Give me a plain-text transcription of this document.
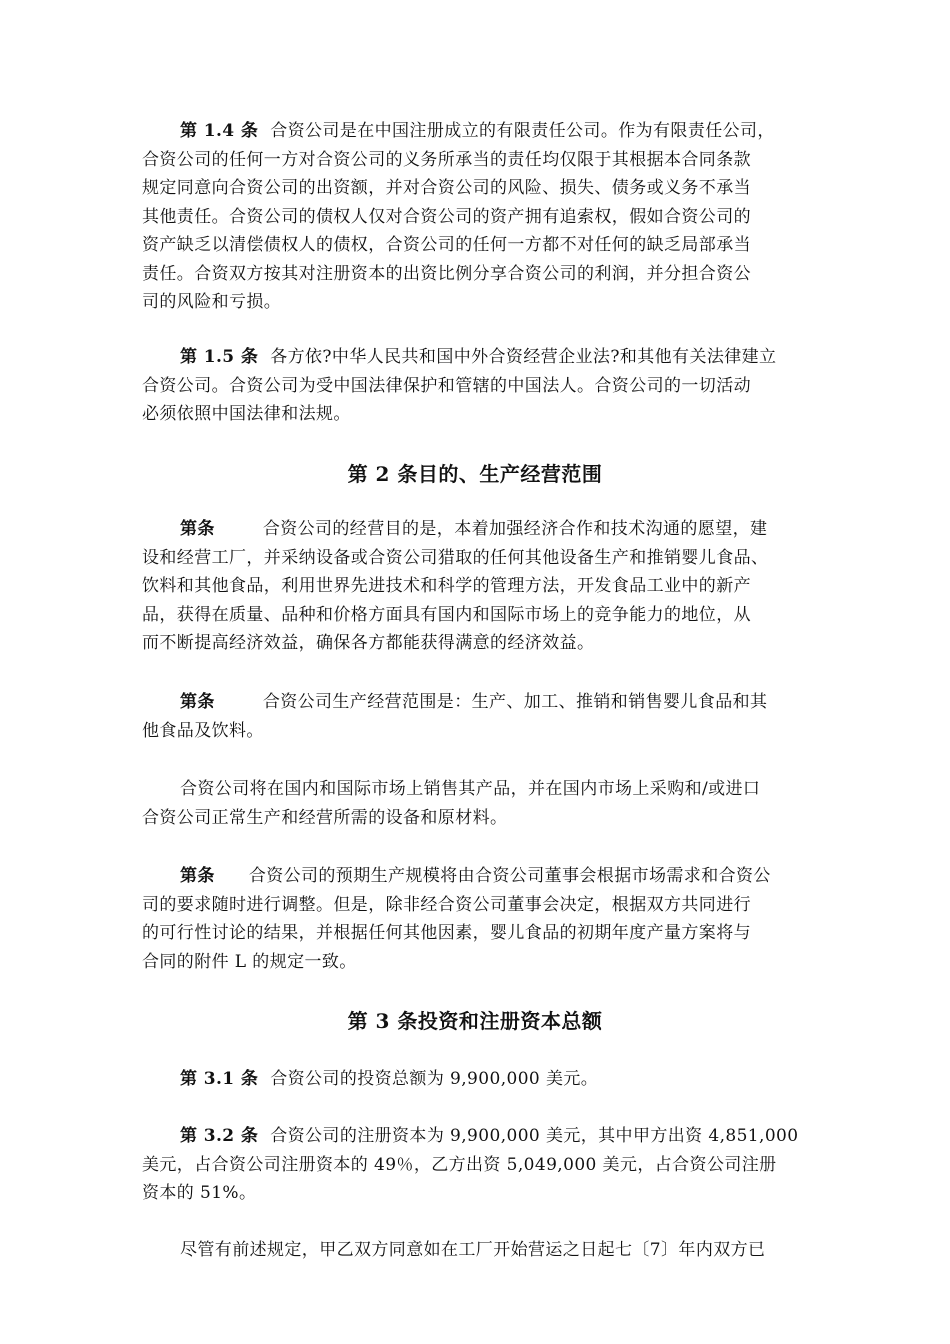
第 1.4 条 合资公司是在中国注册成立的有限责任公司。作为有限责任公司，
合资公司的任何一方对合资公司的义务所承当的责任均仅限于其根据本合同条款
规定同意向合资公司的出资额，并对合资公司的风险、损失、债务或义务不承当
其他责任。合资公司的债权人仅对合资公司的资产拥有追索权，假如合资公司的
资产缺乏以清偿债权人的债权，合资公司的任何一方都不对任何的缺乏局部承当
责任。合资双方按其对注册资本的出资比例分享合资公司的利润，并分担合资公
司的风险和亏损。
第 1.5 条 各方依?中华人民共和国中外合资经营企业法?和其他有关法律建立
合资公司。合资公司为受中国法律保护和管辖的中国法人。合资公司的一切活动
必须依照中国法律和法规。
第 2 条目的、生产经营范围
第条	合资公司的经营目的是，本着加强经济合作和技术沟通的愿望，建
设和经营工厂，并采纳设备或合资公司猎取的任何其他设备生产和推销婴儿食品、
饮料和其他食品，利用世界先进技术和科学的管理方法，开发食品工业中的新产
品，获得在质量、品种和价格方面具有国内和国际市场上的竞争能力的地位，从
而不断提高经济效益，确保各方都能获得满意的经济效益。
第条	合资公司生产经营范围是：生产、加工、推销和销售婴儿食品和其
他食品及饮料。
合资公司将在国内和国际市场上销售其产品，并在国内市场上采购和/或进口
合资公司正常生产和经营所需的设备和原材料。
第条 合资公司的预期生产规模将由合资公司董事会根据市场需求和合资公
司的要求随时进行调整。但是，除非经合资公司董事会决定，根据双方共同进行
的可行性讨论的结果，并根据任何其他因素，婴儿食品的初期年度产量方案将与
合同的附件 L 的规定一致。
第 3 条投资和注册资本总额
第 3.1 条 合资公司的投资总额为 9,900,000 美元。
第 3.2 条 合资公司的注册资本为 9,900,000 美元，其中甲方出资 4,851,000
美元，占合资公司注册资本的 49％，乙方出资 5,049,000 美元，占合资公司注册
资本的 51%。
尽管有前述规定，甲乙双方同意如在工厂开始营运之日起七〔7〕年内双方已
